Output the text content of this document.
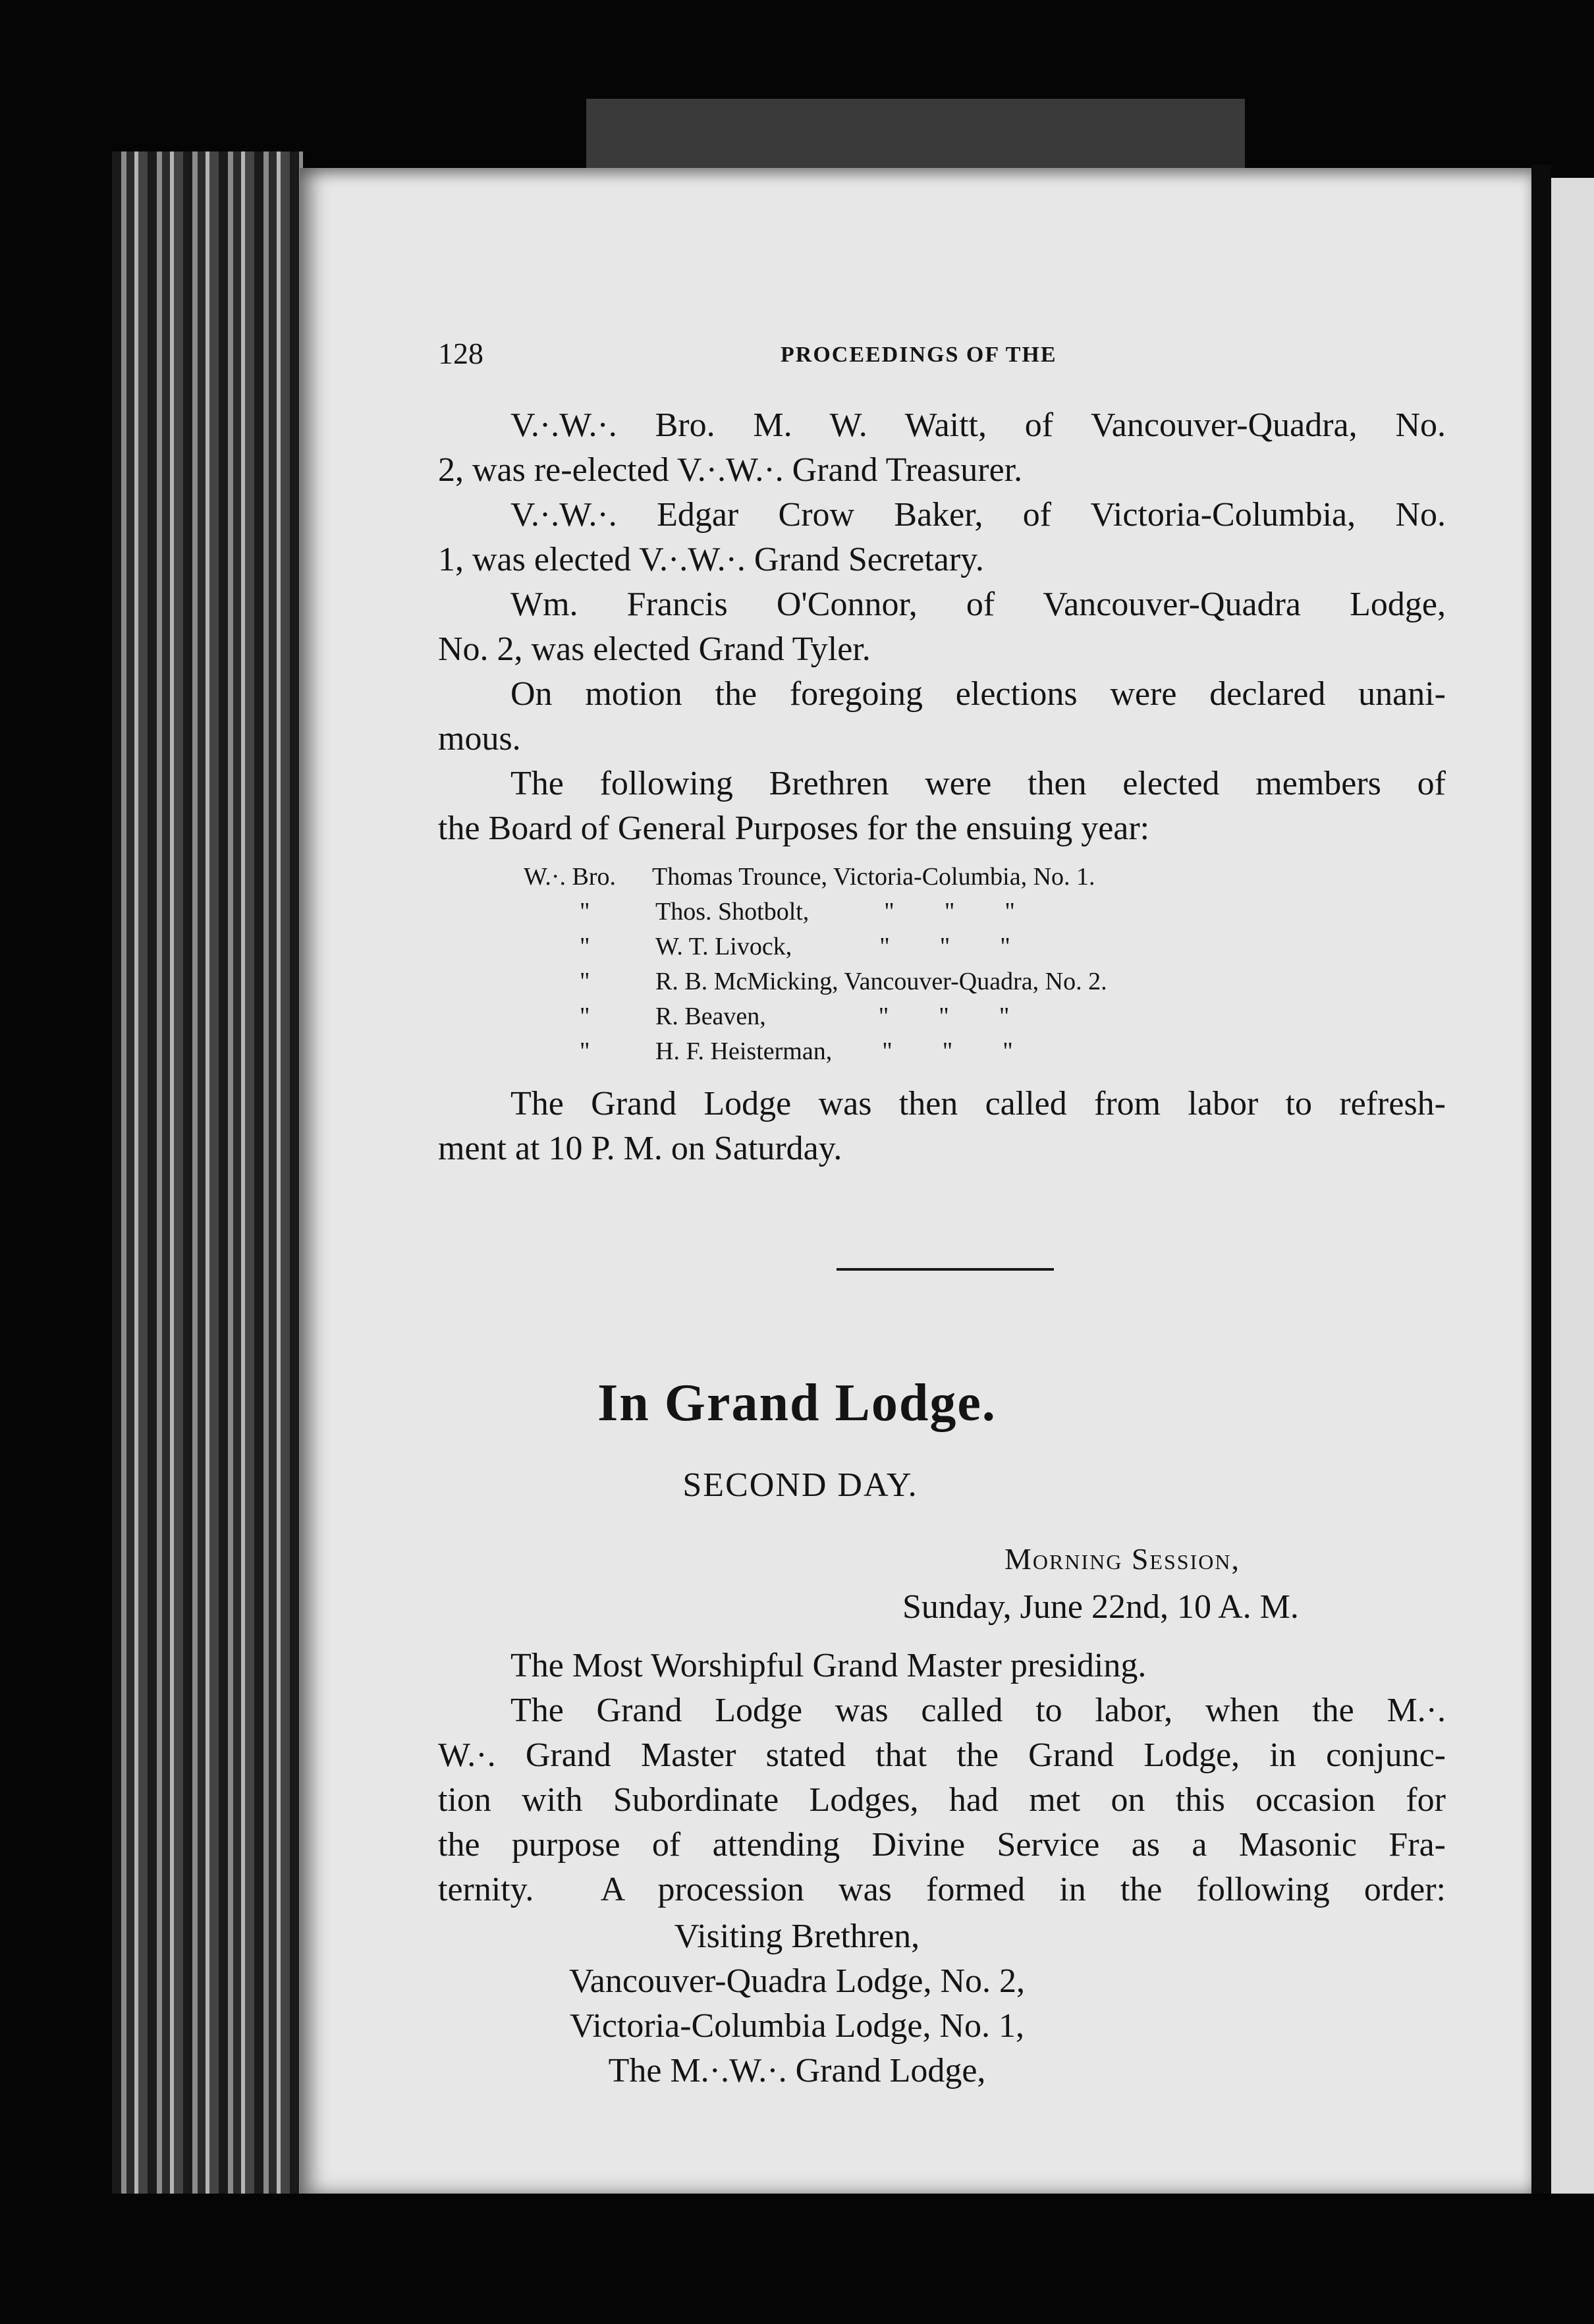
128	PROCEEDINGS OF THE

V.·.W.·. Bro. M. W. Waitt, of Vancouver-Quadra, No.
2, was re-elected V.·.W.·. Grand Treasurer.

V.·.W.·. Edgar Crow Baker, of Victoria-Columbia, No.
1, was elected V.·.W.·. Grand Secretary.

Wm. Francis O'Connor, of Vancouver-Quadra Lodge,
No. 2, was elected Grand Tyler.

On motion the foregoing elections were declared unani-
mous.

The following Brethren were then elected members of
the Board of General Purposes for the ensuing year:

W.·. Bro. Thomas Trounce, Victoria-Columbia, No. 1.
"	Thos. Shotbolt,            "        "        "
"	W. T. Livock,              "        "        "
"	R. B. McMicking, Vancouver-Quadra, No. 2.
"	R. Beaven,                  "        "        "
"	H. F. Heisterman,        "        "        "

The Grand Lodge was then called from labor to refresh-
ment at 10 P. M. on Saturday.

In Grand Lodge.
SECOND DAY.
Morning Session,
Sunday, June 22nd, 10 A. M.

The Most Worshipful Grand Master presiding.

The Grand Lodge was called to labor, when the M.·.
W.·. Grand Master stated that the Grand Lodge, in conjunc-
tion with Subordinate Lodges, had met on this occasion for
the purpose of attending Divine Service as a Masonic Fra-
ternity.  A procession was formed in the following order:

Visiting Brethren,
Vancouver-Quadra Lodge, No. 2,
Victoria-Columbia Lodge, No. 1,
The M.·.W.·. Grand Lodge,
